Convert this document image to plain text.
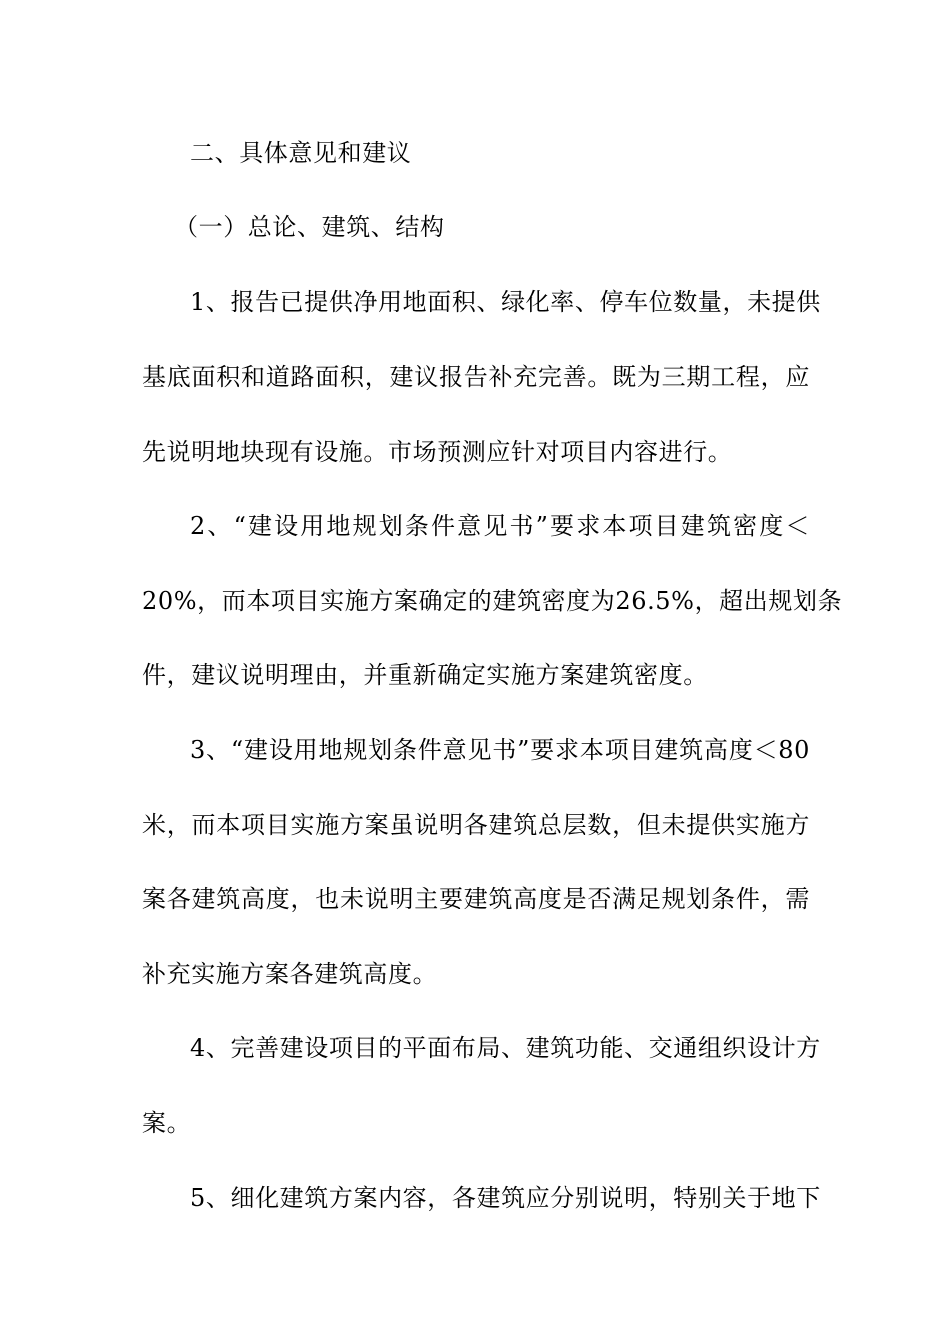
二、具体意见和建议
（一）总论、建筑、结构
1、报告已提供净用地面积、绿化率、停车位数量，未提供
基底面积和道路面积，建议报告补充完善。既为三期工程，应
先说明地块现有设施。市场预测应针对项目内容进行。
2、“建设用地规划条件意见书”要求本项目建筑密度＜
20%，而本项目实施方案确定的建筑密度为26.5%，超出规划条
件，建议说明理由，并重新确定实施方案建筑密度。
3、“建设用地规划条件意见书”要求本项目建筑高度＜80
米，而本项目实施方案虽说明各建筑总层数，但未提供实施方
案各建筑高度，也未说明主要建筑高度是否满足规划条件，需
补充实施方案各建筑高度。
4、完善建设项目的平面布局、建筑功能、交通组织设计方
案。
5、细化建筑方案内容，各建筑应分别说明，特别关于地下
